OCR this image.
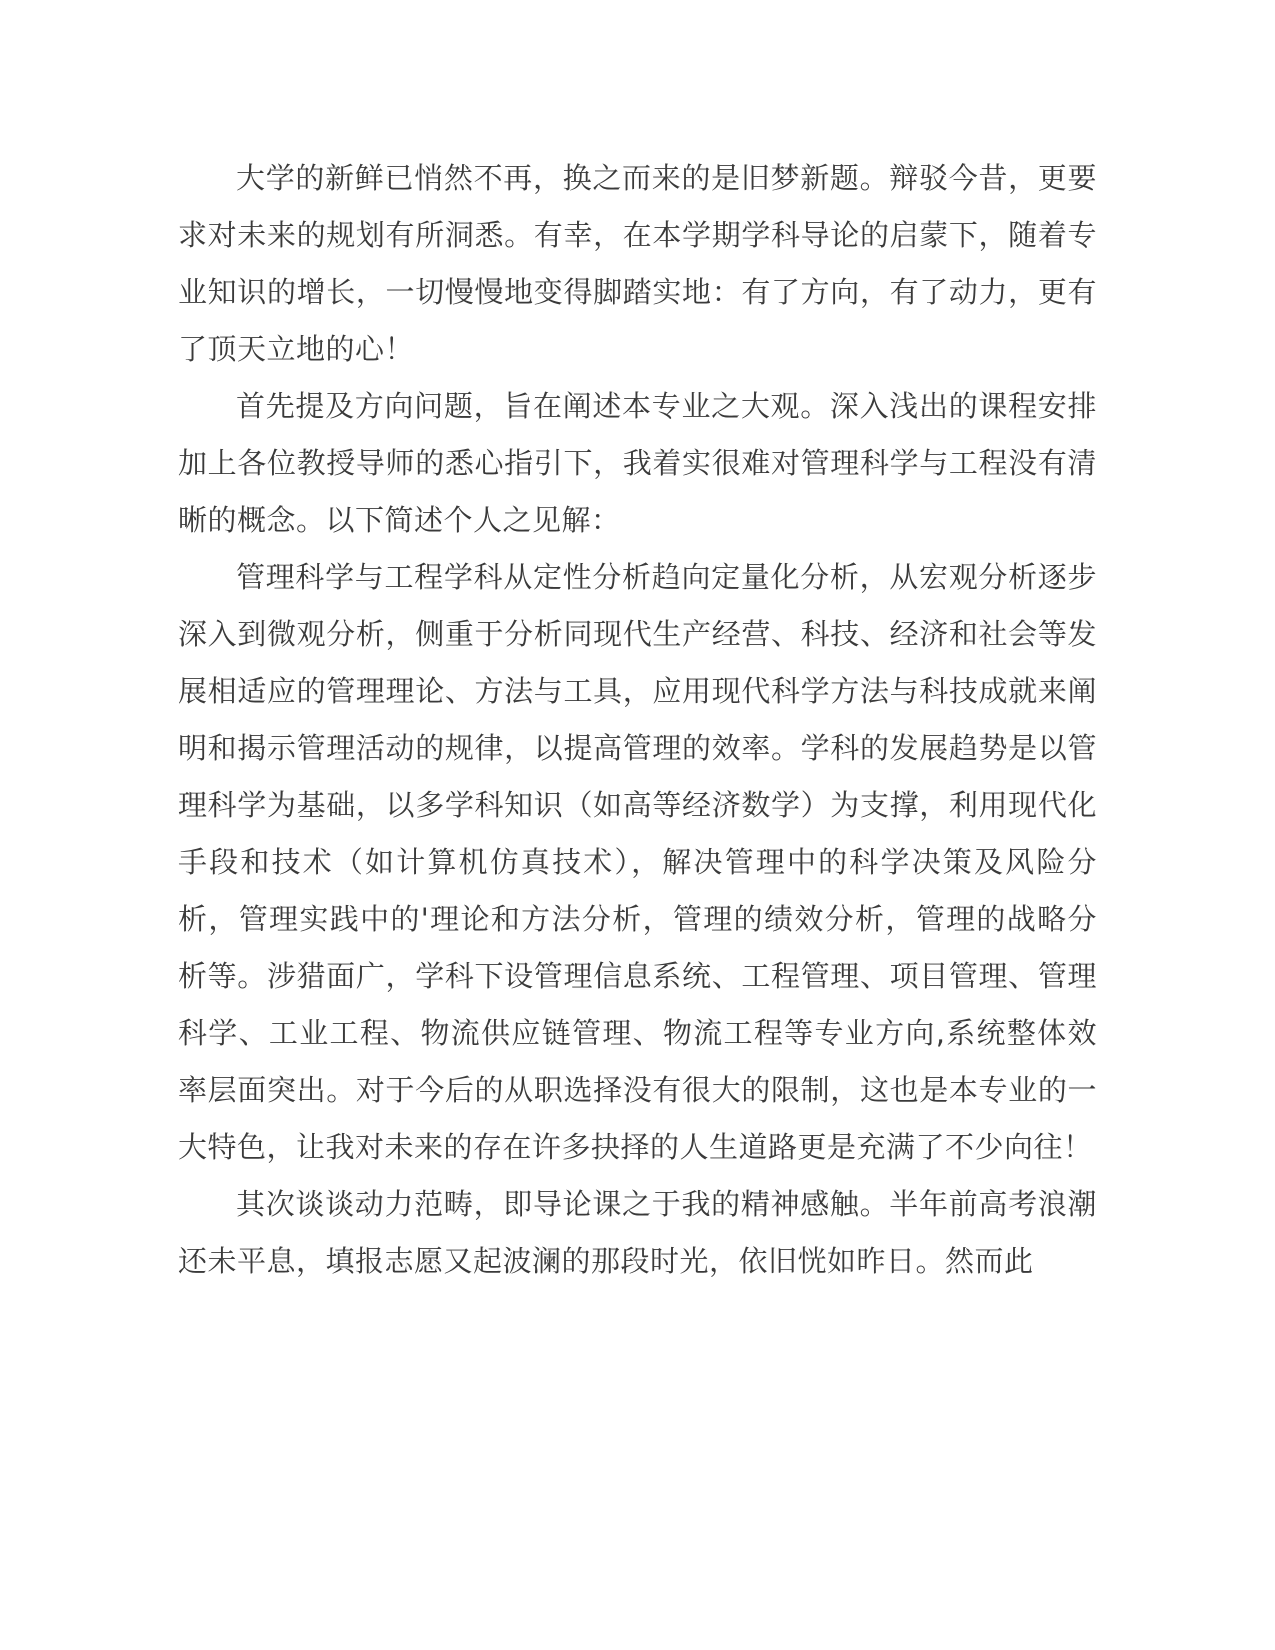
大学的新鲜已悄然不再，换之而来的是旧梦新题。辩驳今昔，更要求对未来的规划有所洞悉。有幸，在本学期学科导论的启蒙下，随着专业知识的增长，一切慢慢地变得脚踏实地：有了方向，有了动力，更有了顶天立地的心！

首先提及方向问题，旨在阐述本专业之大观。深入浅出的课程安排加上各位教授导师的悉心指引下，我着实很难对管理科学与工程没有清晰的概念。以下简述个人之见解：

管理科学与工程学科从定性分析趋向定量化分析，从宏观分析逐步深入到微观分析，侧重于分析同现代生产经营、科技、经济和社会等发展相适应的管理理论、方法与工具，应用现代科学方法与科技成就来阐明和揭示管理活动的规律，以提高管理的效率。学科的发展趋势是以管理科学为基础，以多学科知识（如高等经济数学）为支撑，利用现代化手段和技术（如计算机仿真技术），解决管理中的科学决策及风险分析，管理实践中的'理论和方法分析，管理的绩效分析，管理的战略分析等。涉猎面广，学科下设管理信息系统、工程管理、项目管理、管理科学、工业工程、物流供应链管理、物流工程等专业方向,系统整体效率层面突出。对于今后的从职选择没有很大的限制，这也是本专业的一大特色，让我对未来的存在许多抉择的人生道路更是充满了不少向往！

其次谈谈动力范畴，即导论课之于我的精神感触。半年前高考浪潮还未平息，填报志愿又起波澜的那段时光，依旧恍如昨日。然而此
